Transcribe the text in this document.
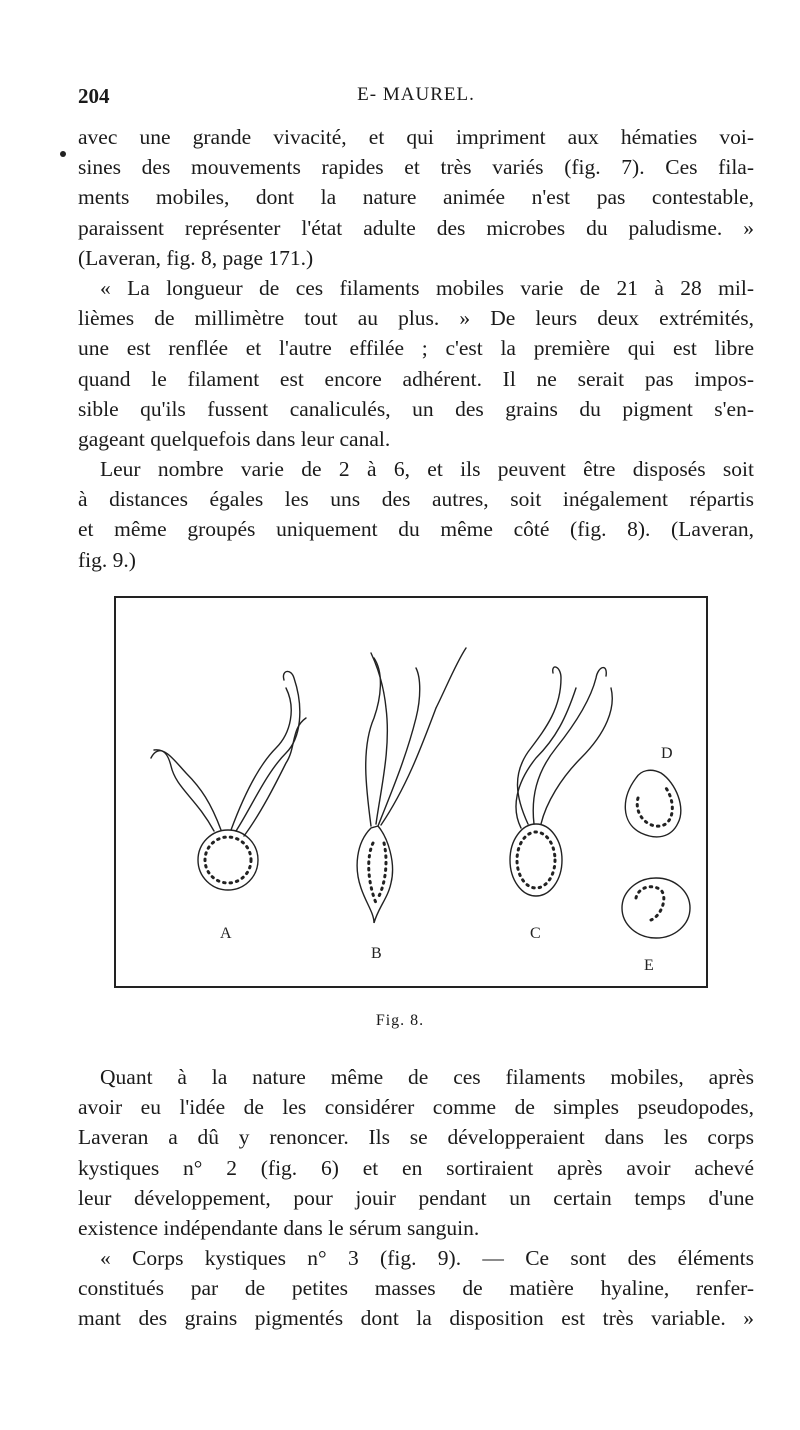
204	E- MAUREL.
avec une grande vivacité, et qui impriment aux hématies voi-
sines des mouvements rapides et très variés (fig. 7). Ces fila-
ments mobiles, dont la nature animée n'est pas contestable,
paraissent représenter l'état adulte des microbes du paludisme. »
(Laveran, fig. 8, page 171.)
« La longueur de ces filaments mobiles varie de 21 à 28 mil-
lièmes de millimètre tout au plus. » De leurs deux extrémités,
une est renflée et l'autre effilée ; c'est la première qui est libre
quand le filament est encore adhérent. Il ne serait pas impos-
sible qu'ils fussent canaliculés, un des grains du pigment s'en-
gageant quelquefois dans leur canal.
Leur nombre varie de 2 à 6, et ils peuvent être disposés soit
à distances égales les uns des autres, soit inégalement répartis
et même groupés uniquement du même côté (fig. 8). (Laveran,
fig. 9.)
A
B
C
D
E
Fig. 8.
Quant à la nature même de ces filaments mobiles, après
avoir eu l'idée de les considérer comme de simples pseudopodes,
Laveran a dû y renoncer. Ils se développeraient dans les corps
kystiques n° 2 (fig. 6) et en sortiraient après avoir achevé
leur développement, pour jouir pendant un certain temps d'une
existence indépendante dans le sérum sanguin.
« Corps kystiques n° 3 (fig. 9). — Ce sont des éléments
constitués par de petites masses de matière hyaline, renfer-
mant des grains pigmentés dont la disposition est très variable. »
